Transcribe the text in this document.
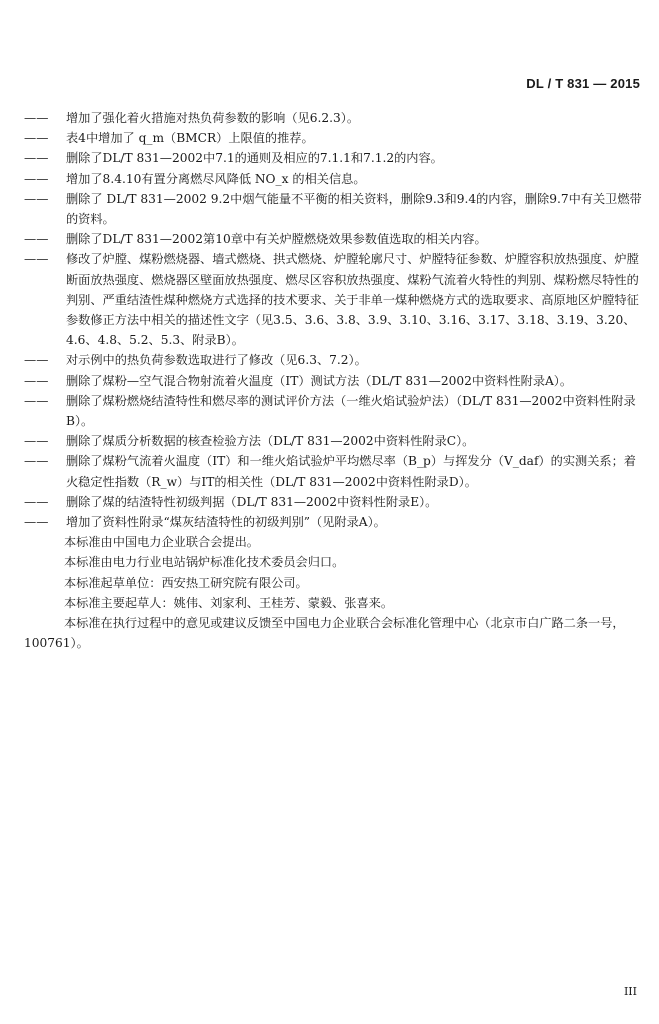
DL / T 831 — 2015
——	增加了强化着火措施对热负荷参数的影响（见6.2.3）。
——	表4中增加了 q_m（BMCR）上限值的推荐。
——	删除了DL/T 831—2002中7.1的通则及相应的7.1.1和7.1.2的内容。
——	增加了8.4.10有置分离燃尽风降低 NO_x 的相关信息。
——	删除了 DL/T 831—2002 9.2中烟气能量不平衡的相关资料，删除9.3和9.4的内容，删除9.7中有关卫燃带的资料。
——	删除了DL/T 831—2002第10章中有关炉膛燃烧效果参数值选取的相关内容。
——	修改了炉膛、煤粉燃烧器、墙式燃烧、拱式燃烧、炉膛轮廓尺寸、炉膛特征参数、炉膛容积放热强度、炉膛断面放热强度、燃烧器区壁面放热强度、燃尽区容积放热强度、煤粉气流着火特性的判别、煤粉燃尽特性的判别、严重结渣性煤种燃烧方式选择的技术要求、关于非单一煤种燃烧方式的选取要求、高原地区炉膛特征参数修正方法中相关的描述性文字（见3.5、3.6、3.8、3.9、3.10、3.16、3.17、3.18、3.19、3.20、4.6、4.8、5.2、5.3、附录B）。
——	对示例中的热负荷参数选取进行了修改（见6.3、7.2）。
——	删除了煤粉—空气混合物射流着火温度（IT）测试方法（DL/T 831—2002中资料性附录A）。
——	删除了煤粉燃烧结渣特性和燃尽率的测试评价方法（一维火焰试验炉法）（DL/T 831—2002中资料性附录B）。
——	删除了煤质分析数据的核查检验方法（DL/T 831—2002中资料性附录C）。
——	删除了煤粉气流着火温度（IT）和一维火焰试验炉平均燃尽率（B_p）与挥发分（V_daf）的实测关系；着火稳定性指数（R_w）与IT的相关性（DL/T 831—2002中资料性附录D）。
——	删除了煤的结渣特性初级判据（DL/T 831—2002中资料性附录E）。
——	增加了资料性附录“煤灰结渣特性的初级判别”（见附录A）。
本标准由中国电力企业联合会提出。
本标准由电力行业电站锅炉标准化技术委员会归口。
本标准起草单位：西安热工研究院有限公司。
本标准主要起草人：姚伟、刘家利、王桂芳、蒙毅、张喜来。
本标准在执行过程中的意见或建议反馈至中国电力企业联合会标准化管理中心（北京市白广路二条一号，100761）。
III
